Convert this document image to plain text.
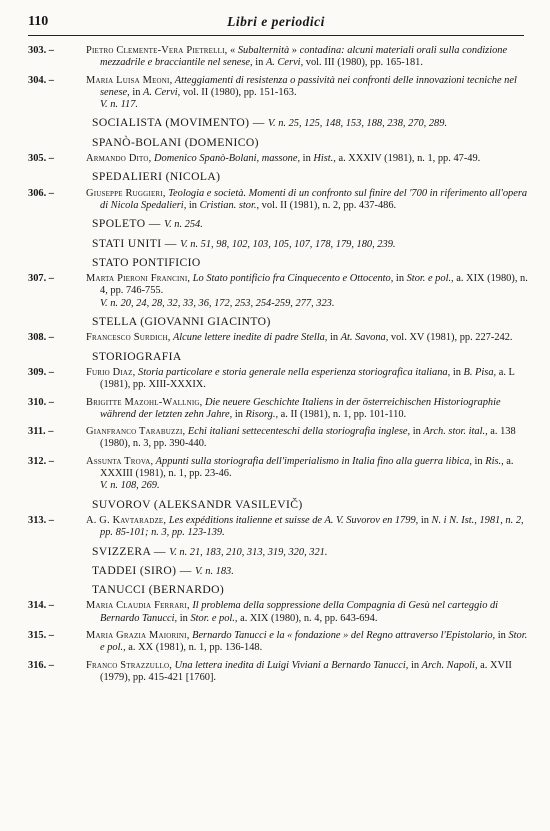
110	Libri e periodici
303. –	Pietro Clemente-Vera Pietrelli, « Subalternità » contadina: alcuni materiali orali sulla condizione mezzadrile e bracciantile nel senese, in A. Cervi, vol. III (1980), pp. 165-181.
304. –	Maria Luisa Meoni, Atteggiamenti di resistenza o passività nei confronti delle innovazioni tecniche nel senese, in A. Cervi, vol. II (1980), pp. 151-163.
V. n. 117.
SOCIALISTA (MOVIMENTO) — V. n. 25, 125, 148, 153, 188, 238, 270, 289.
SPANÒ-BOLANI (DOMENICO)
305. –	Armando Dito, Domenico Spanò-Bolani, massone, in Hist., a. XXXIV (1981), n. 1, pp. 47-49.
SPEDALIERI (NICOLA)
306. –	Giuseppe Ruggieri, Teologia e società. Momenti di un confronto sul finire del '700 in riferimento all'opera di Nicola Spedalieri, in Cristian. stor., vol. II (1981), n. 2, pp. 437-486.
SPOLETO — V. n. 254.
STATI UNITI — V. n. 51, 98, 102, 103, 105, 107, 178, 179, 180, 239.
STATO PONTIFICIO
307. –	Marta Pieroni Francini, Lo Stato pontificio fra Cinquecento e Ottocento, in Stor. e pol., a. XIX (1980), n. 4, pp. 746-755.
V. n. 20, 24, 28, 32, 33, 36, 172, 253, 254-259, 277, 323.
STELLA (GIOVANNI GIACINTO)
308. –	Francesco Surdich, Alcune lettere inedite di padre Stella, in At. Savona, vol. XV (1981), pp. 227-242.
STORIOGRAFIA
309. –	Furio Diaz, Storia particolare e storia generale nella esperienza storiografica italiana, in B. Pisa, a. L (1981), pp. XIII-XXXIX.
310. –	Brigitte Mazohl-Wallnig, Die neuere Geschichte Italiens in der österreichischen Historiographie während der letzten zehn Jahre, in Risorg., a. II (1981), n. 1, pp. 101-110.
311. –	Gianfranco Tarabuzzi, Echi italiani settecenteschi della storiografia inglese, in Arch. stor. ital., a. 138 (1980), n. 3, pp. 390-440.
312. –	Assunta Trova, Appunti sulla storiografia dell'imperialismo in Italia fino alla guerra libica, in Ris., a. XXXIII (1981), n. 1, pp. 23-46.
V. n. 108, 269.
SUVOROV (ALEKSANDR VASILEVIČ)
313. –	A. G. Kavtaradze, Les expéditions italienne et suisse de A. V. Suvorov en 1799, in N. i N. Ist., 1981, n. 2, pp. 85-101; n. 3, pp. 123-139.
SVIZZERA — V. n. 21, 183, 210, 313, 319, 320, 321.
TADDEI (SIRO) — V. n. 183.
TANUCCI (BERNARDO)
314. –	Maria Claudia Ferrari, Il problema della soppressione della Compagnia di Gesù nel carteggio di Bernardo Tanucci, in Stor. e pol., a. XIX (1980), n. 4, pp. 643-694.
315. –	Maria Grazia Maiorini, Bernardo Tanucci e la « fondazione » del Regno attraverso l'Epistolario, in Stor. e pol., a. XX (1981), n. 1, pp. 136-148.
316. –	Franco Strazzullo, Una lettera inedita di Luigi Viviani a Bernardo Tanucci, in Arch. Napoli, a. XVII (1979), pp. 415-421 [1760].
